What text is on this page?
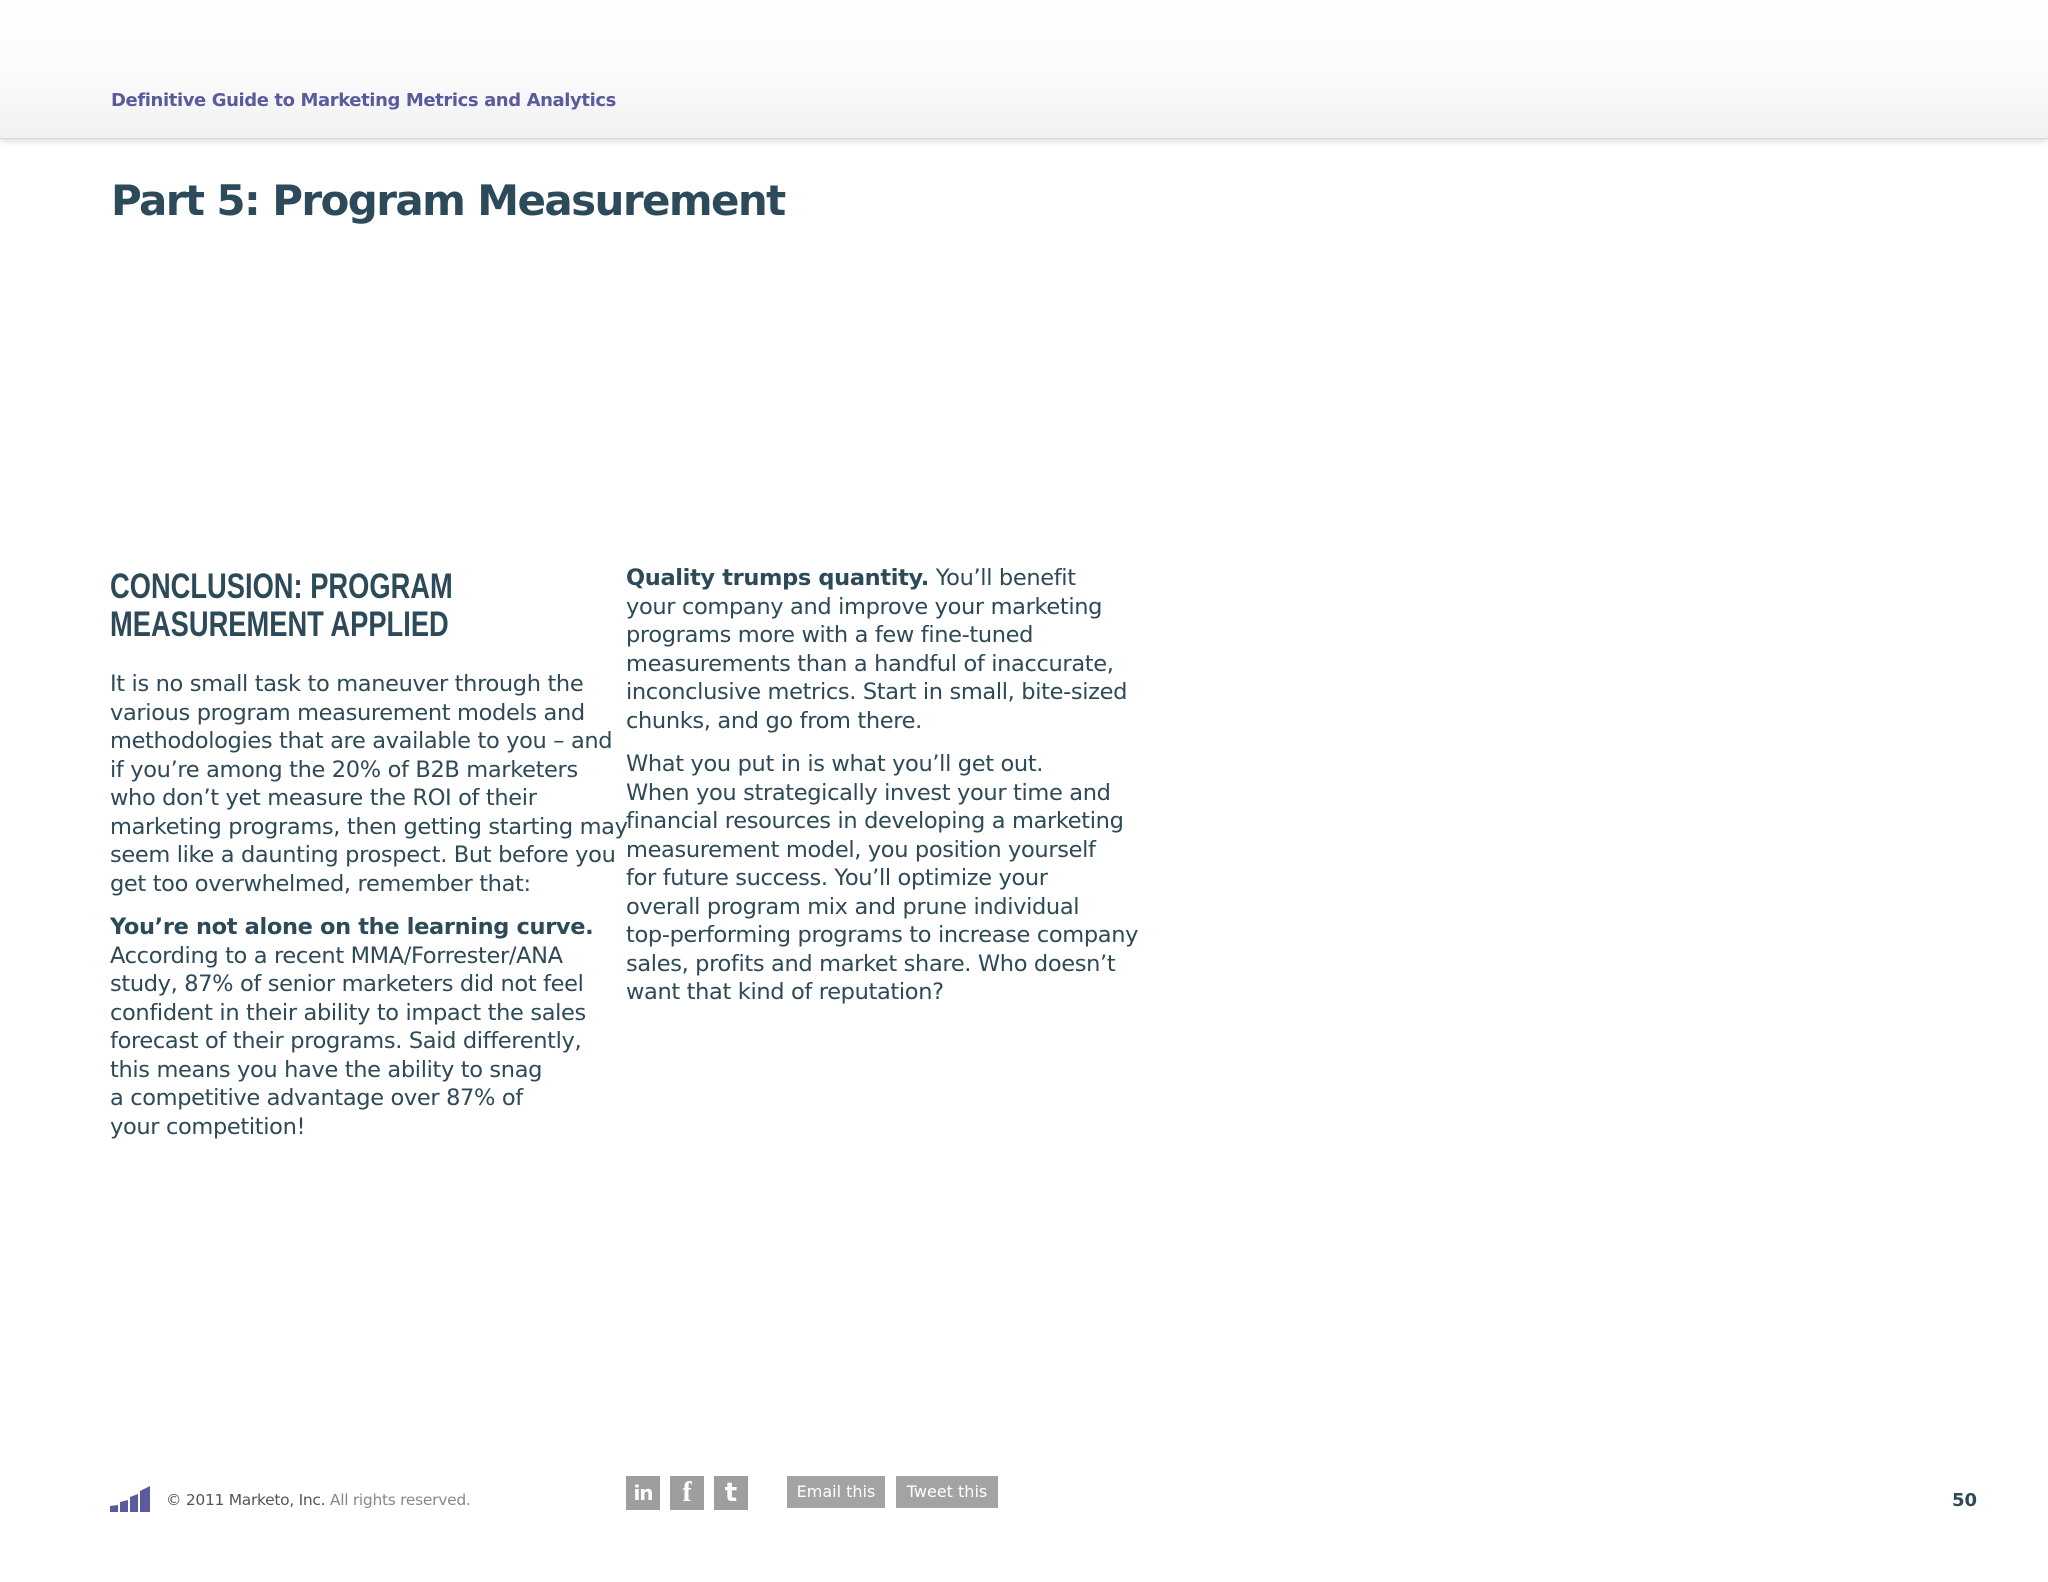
Definitive Guide to Marketing Metrics and Analytics
Part 5: Program Measurement
CONCLUSION: PROGRAM
MEASUREMENT APPLIED

It is no small task to maneuver through the
various program measurement models and
methodologies that are available to you – and
if you’re among the 20% of B2B marketers
who don’t yet measure the ROI of their
marketing programs, then getting starting may
seem like a daunting prospect. But before you
get too overwhelmed, remember that:

You’re not alone on the learning curve.
According to a recent MMA/Forrester/ANA
study, 87% of senior marketers did not feel
confident in their ability to impact the sales
forecast of their programs. Said differently,
this means you have the ability to snag
a competitive advantage over 87% of
your competition!

Quality trumps quantity. You’ll benefit
your company and improve your marketing
programs more with a few fine-tuned
measurements than a handful of inaccurate,
inconclusive metrics. Start in small, bite-sized
chunks, and go from there.

What you put in is what you’ll get out.
When you strategically invest your time and
financial resources in developing a marketing
measurement model, you position yourself
for future success. You’ll optimize your
overall program mix and prune individual
top-performing programs to increase company
sales, profits and market share. Who doesn’t
want that kind of reputation?

© 2011 Marketo, Inc. All rights reserved.	in	f	t	Email this	Tweet this	50
